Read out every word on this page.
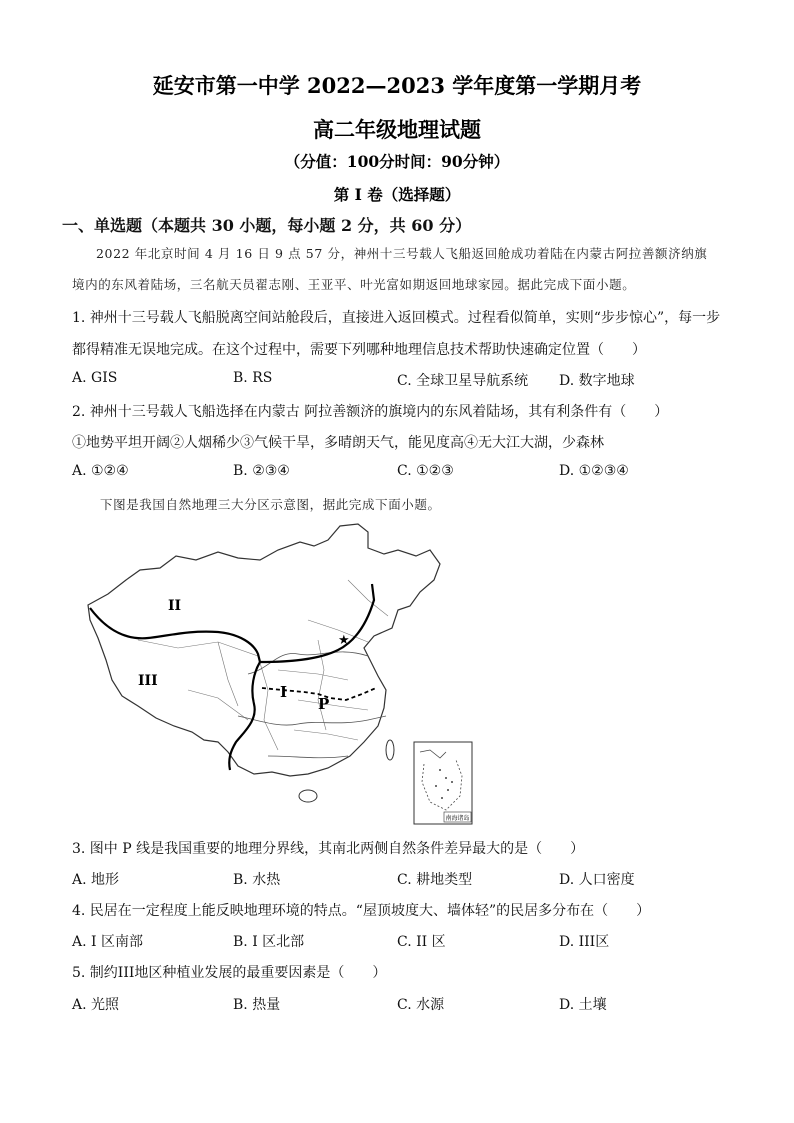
延安市第一中学 2022—2023 学年度第一学期月考
高二年级地理试题
（分值：100分时间：90分钟）
第 I 卷（选择题）
一、单选题（本题共 30 小题，每小题 2 分，共 60 分）
2022 年北京时间 4 月 16 日 9 点 57 分，神州十三号载人飞船返回舱成功着陆在内蒙古阿拉善额济纳旗
境内的东风着陆场，三名航天员翟志刚、王亚平、叶光富如期返回地球家园。据此完成下面小题。
1. 神州十三号载人飞船脱离空间站舱段后，直接进入返回模式。过程看似简单，实则“步步惊心”，每一步
都得精准无误地完成。在这个过程中，需要下列哪种地理信息技术帮助快速确定位置（　　）
A. GIS	B. RS	C. 全球卫星导航系统 D. 数字地球
2. 神州十三号载人飞船选择在内蒙古 阿拉善额济的旗境内的东风着陆场，其有利条件有（　　）
①地势平坦开阔②人烟稀少③气候干旱，多晴朗天气，能见度高④无大江大湖，少森林
A. ①②④	B. ②③④	C. ①②③	D. ①②③④
下图是我国自然地理三大分区示意图，据此完成下面小题。
II
III
I
P
★
南海诸岛
3. 图中 P 线是我国重要的地理分界线，其南北两侧自然条件差异最大的是（　　）
A. 地形	B. 水热	C. 耕地类型	D. 人口密度
4. 民居在一定程度上能反映地理环境的特点。“屋顶坡度大、墙体轻”的民居多分布在（　　）
A. I 区南部	B. I 区北部	C. II 区	D. III区
5. 制约III地区种植业发展的最重要因素是（　　）
A. 光照	B. 热量	C. 水源	D. 土壤
